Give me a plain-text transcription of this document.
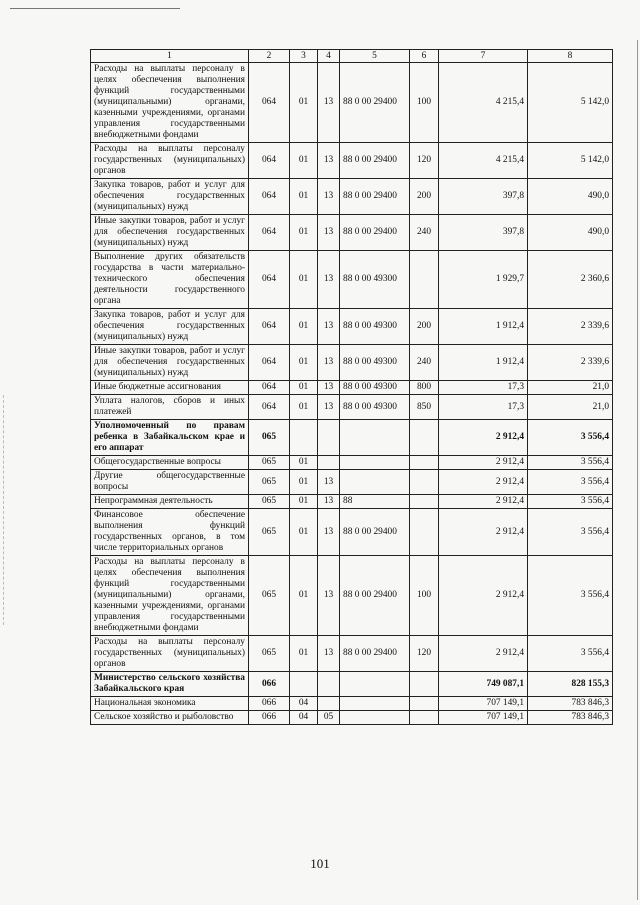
1	2	3	4	5	6	7	8
Расходы на выплаты персоналу в целях обеспечения выполнения функций государственными (муниципальными) органами, казенными учреждениями, органами управления государственными внебюджетными фондами	064	01	13	88 0 00 29400	100	4 215,4	5 142,0
Расходы на выплаты персоналу государственных (муниципальных) органов	064	01	13	88 0 00 29400	120	4 215,4	5 142,0
Закупка товаров, работ и услуг для обеспечения государственных (муниципальных) нужд	064	01	13	88 0 00 29400	200	397,8	490,0
Иные закупки товаров, работ и услуг для обеспечения государственных (муниципальных) нужд	064	01	13	88 0 00 29400	240	397,8	490,0
Выполнение других обязательств государства в части материально-технического обеспечения деятельности государственного органа	064	01	13	88 0 00 49300		1 929,7	2 360,6
Закупка товаров, работ и услуг для обеспечения государственных (муниципальных) нужд	064	01	13	88 0 00 49300	200	1 912,4	2 339,6
Иные закупки товаров, работ и услуг для обеспечения государственных (муниципальных) нужд	064	01	13	88 0 00 49300	240	1 912,4	2 339,6
Иные бюджетные ассигнования	064	01	13	88 0 00 49300	800	17,3	21,0
Уплата налогов, сборов и иных платежей	064	01	13	88 0 00 49300	850	17,3	21,0
Уполномоченный по правам ребенка в Забайкальском крае и его аппарат	065					2 912,4	3 556,4
Общегосударственные вопросы	065	01				2 912,4	3 556,4
Другие общегосударственные вопросы	065	01	13			2 912,4	3 556,4
Непрограммная деятельность	065	01	13	88		2 912,4	3 556,4
Финансовое обеспечение выполнения функций государственных органов, в том числе территориальных органов	065	01	13	88 0 00 29400		2 912,4	3 556,4
Расходы на выплаты персоналу в целях обеспечения выполнения функций государственными (муниципальными) органами, казенными учреждениями, органами управления государственными внебюджетными фондами	065	01	13	88 0 00 29400	100	2 912,4	3 556,4
Расходы на выплаты персоналу государственных (муниципальных) органов	065	01	13	88 0 00 29400	120	2 912,4	3 556,4
Министерство сельского хозяйства Забайкальского края	066					749 087,1	828 155,3
Национальная экономика	066	04				707 149,1	783 846,3
Сельское хозяйство и рыболовство	066	04	05			707 149,1	783 846,3
101
